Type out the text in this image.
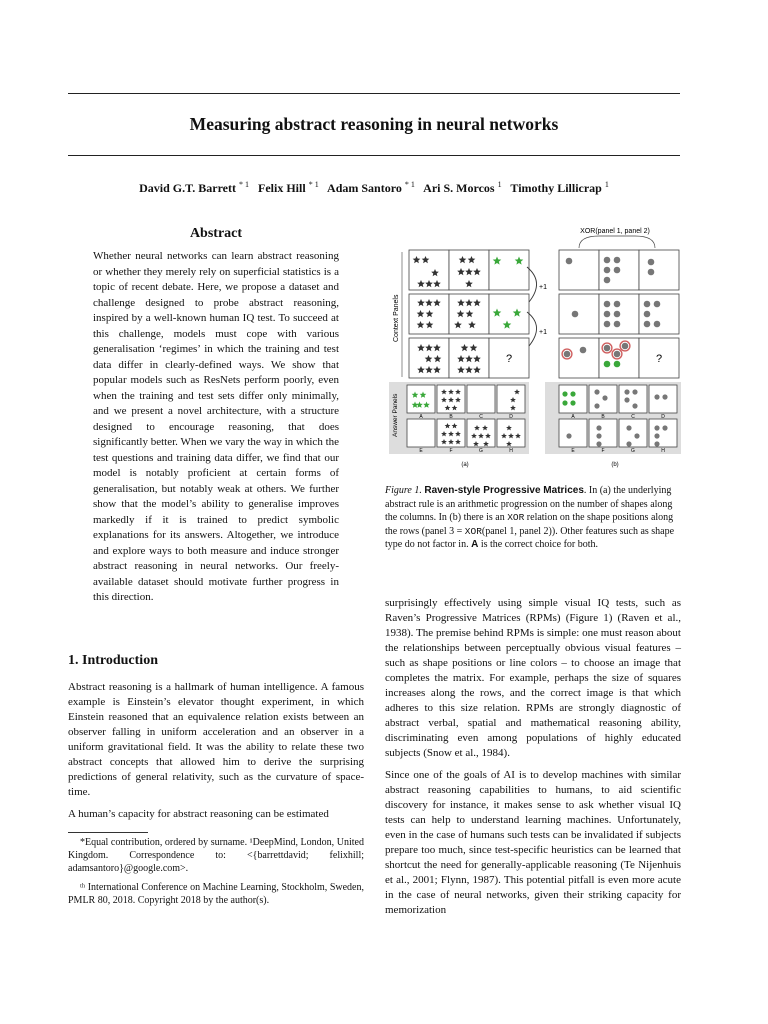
Measuring abstract reasoning in neural networks
David G.T. Barrett $^{* 1}$ Felix Hill $^{* 1}$ Adam Santoro $^{* 1}$ Ari S. Morcos $^1$ Timothy Lillicrap $^1$
Abstract
Whether neural networks can learn abstract reasoning or whether they merely rely on superficial statistics is a topic of recent debate. Here, we propose a dataset and challenge designed to probe abstract reasoning, inspired by a well-known human IQ test. To succeed at this challenge, models must cope with various generalisation ‘regimes’ in which the training and test data differ in clearly-defined ways. We show that popular models such as ResNets perform poorly, even when the training and test sets differ only minimally, and we present a novel architecture, with a structure designed to encourage reasoning, that does significantly better. When we vary the way in which the test questions and training data differ, we find that our model is notably proficient at certain forms of generalisation, but notably weak at others. We further show that the model’s ability to generalise improves markedly if it is trained to predict symbolic explanations for its answers. Altogether, we introduce and explore ways to both measure and induce stronger abstract reasoning in neural networks. Our freely-available dataset should motivate further progress in this direction.
1. Introduction

Abstract reasoning is a hallmark of human intelligence. A famous example is Einstein’s elevator thought experiment, in which Einstein reasoned that an equivalence relation exists between an observer falling in uniform acceleration and an observer in a uniform gravitational field. It was the ability to relate these two abstract concepts that allowed him to derive the surprising predictions of general relativity, such as the curvature of space-time.

A human’s capacity for abstract reasoning can be estimated

*Equal contribution, ordered by surname. ¹DeepMind, London, United Kingdom. Correspondence to: <{barrettdavid; felixhill; adamsantoro}@google.com>.

ᵗʰ International Conference on Machine Learning, Stockholm, Sweden, PMLR 80, 2018. Copyright 2018 by the author(s).

?
+1
+1
Context Panels
Answer Panels	A
E
B
F
C
G
D
H
(a)
XOR(panel 1, panel 2)
?
A
E
B
F
C
G
D
H
(b)
Figure 1. Raven-style Progressive Matrices. In (a) the underlying abstract rule is an arithmetic progression on the number of shapes along the columns. In (b) there is an XOR relation on the shape positions along the rows (panel 3 = XOR(panel 1, panel 2)). Other features such as shape type do not factor in. A is the correct choice for both.

surprisingly effectively using simple visual IQ tests, such as Raven’s Progressive Matrices (RPMs) (Figure 1) (Raven et al., 1938). The premise behind RPMs is simple: one must reason about the relationships between perceptually obvious visual features – such as shape positions or line colors – to choose an image that completes the matrix. For example, perhaps the size of squares increases along the rows, and the correct image is that which adheres to this size relation. RPMs are strongly diagnostic of abstract verbal, spatial and mathematical reasoning ability, discriminating even among populations of highly educated subjects (Snow et al., 1984).

Since one of the goals of AI is to develop machines with similar abstract reasoning capabilities to humans, to aid scientific discovery for instance, it makes sense to ask whether visual IQ tests can help to understand learning machines. Unfortunately, even in the case of humans such tests can be invalidated if subjects prepare too much, since test-specific heuristics can be learned that shortcut the need for generally-applicable reasoning (Te Nijenhuis et al., 2001; Flynn, 1987). This potential pitfall is even more acute in the case of neural networks, given their striking capacity for memorization
